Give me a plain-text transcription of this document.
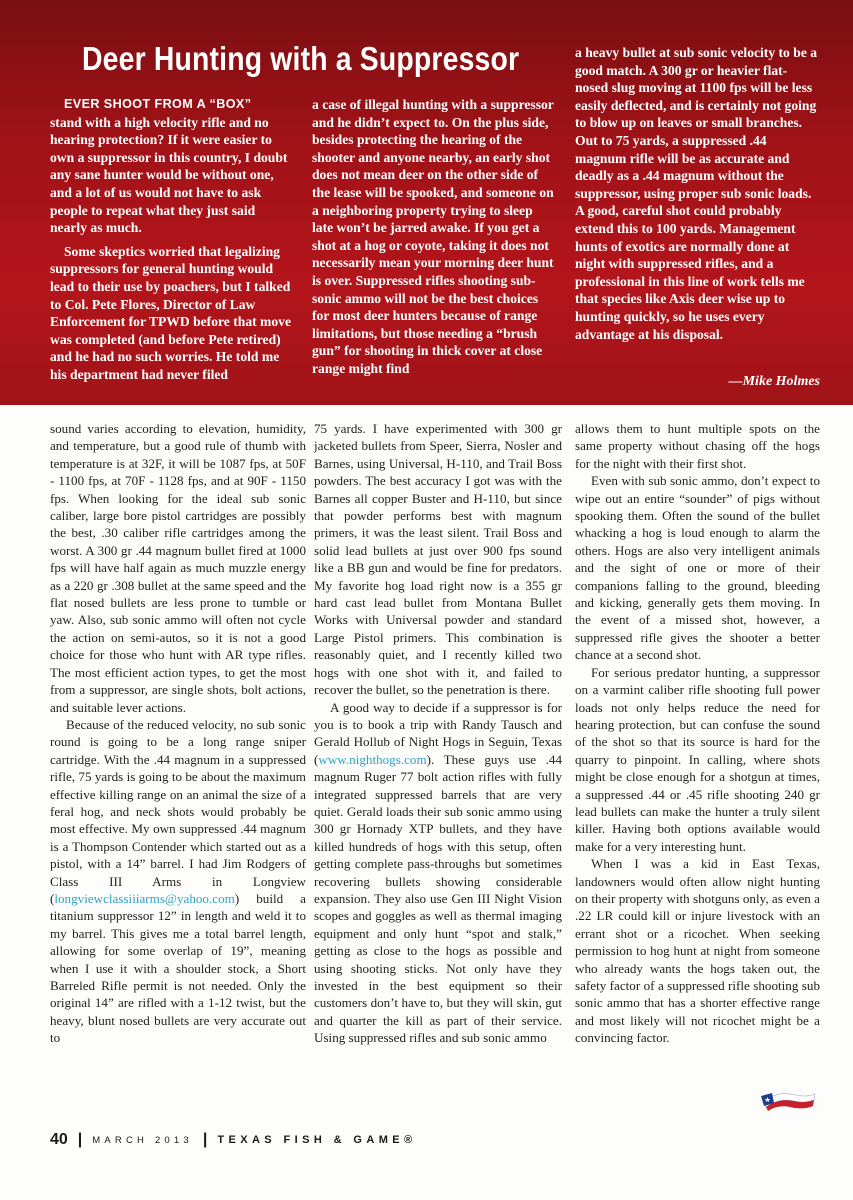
Deer Hunting with a Suppressor
EVER SHOOT FROM A “BOX”

stand with a high velocity rifle and no hearing protection? If it were easier to own a suppressor in this country, I doubt any sane hunter would be without one, and a lot of us would not have to ask people to repeat what they just said nearly as much.

Some skeptics worried that legalizing suppressors for general hunting would lead to their use by poachers, but I talked to Col. Pete Flores, Director of Law Enforcement for TPWD before that move was completed (and before Pete retired) and he had no such worries. He told me his department had never filed

a case of illegal hunting with a suppressor and he didn’t expect to. On the plus side, besides protecting the hearing of the shooter and anyone nearby, an early shot does not mean deer on the other side of the lease will be spooked, and someone on a neighboring property trying to sleep late won’t be jarred awake. If you get a shot at a hog or coyote, taking it does not necessarily mean your morning deer hunt is over. Suppressed rifles shooting sub-sonic ammo will not be the best choices for most deer hunters because of range limitations, but those needing a “brush gun” for shooting in thick cover at close range might find

a heavy bullet at sub sonic velocity to be a good match. A 300 gr or heavier flat-nosed slug moving at 1100 fps will be less easily deflected, and is certainly not going to blow up on leaves or small branches. Out to 75 yards, a suppressed .44 magnum rifle will be as accurate and deadly as a .44 magnum without the suppressor, using proper sub sonic loads. A good, careful shot could probably extend this to 100 yards. Management hunts of exotics are normally done at night with suppressed rifles, and a professional in this line of work tells me that species like Axis deer wise up to hunting quickly, so he uses every advantage at his disposal.

—Mike Holmes

sound varies according to elevation, humidity, and temperature, but a good rule of thumb with temperature is at 32F, it will be 1087 fps, at 50F - 1100 fps, at 70F - 1128 fps, and at 90F - 1150 fps. When looking for the ideal sub sonic caliber, large bore pistol cartridges are possibly the best, .30 caliber rifle cartridges among the worst. A 300 gr .44 magnum bullet fired at 1000 fps will have half again as much muzzle energy as a 220 gr .308 bullet at the same speed and the flat nosed bullets are less prone to tumble or yaw. Also, sub sonic ammo will often not cycle the action on semi-autos, so it is not a good choice for those who hunt with AR type rifles. The most efficient action types, to get the most from a suppressor, are single shots, bolt actions, and suitable lever actions.

Because of the reduced velocity, no sub sonic round is going to be a long range sniper cartridge. With the .44 magnum in a suppressed rifle, 75 yards is going to be about the maximum effective killing range on an animal the size of a feral hog, and neck shots would probably be most effective. My own suppressed .44 magnum is a Thompson Contender which started out as a pistol, with a 14” barrel. I had Jim Rodgers of Class III Arms in Longview (longviewclassiiiarms@yahoo.com) build a titanium suppressor 12” in length and weld it to my barrel. This gives me a total barrel length, allowing for some overlap of 19”, meaning when I use it with a shoulder stock, a Short Barreled Rifle permit is not needed. Only the original 14” are rifled with a 1-12 twist, but the heavy, blunt nosed bullets are very accurate out to

75 yards. I have experimented with 300 gr jacketed bullets from Speer, Sierra, Nosler and Barnes, using Universal, H-110, and Trail Boss powders. The best accuracy I got was with the Barnes all copper Buster and H-110, but since that powder performs best with magnum primers, it was the least silent. Trail Boss and solid lead bullets at just over 900 fps sound like a BB gun and would be fine for predators. My favorite hog load right now is a 355 gr hard cast lead bullet from Montana Bullet Works with Universal powder and standard Large Pistol primers. This combination is reasonably quiet, and I recently killed two hogs with one shot with it, and failed to recover the bullet, so the penetration is there.

A good way to decide if a suppressor is for you is to book a trip with Randy Tausch and Gerald Hollub of Night Hogs in Seguin, Texas (www.nighthogs.com). These guys use .44 magnum Ruger 77 bolt action rifles with fully integrated suppressed barrels that are very quiet. Gerald loads their sub sonic ammo using 300 gr Hornady XTP bullets, and they have killed hundreds of hogs with this setup, often getting complete pass-throughs but sometimes recovering bullets showing considerable expansion. They also use Gen III Night Vision scopes and goggles as well as thermal imaging equipment and only hunt “spot and stalk,” getting as close to the hogs as possible and using shooting sticks. Not only have they invested in the best equipment so their customers don’t have to, but they will skin, gut and quarter the kill as part of their service. Using suppressed rifles and sub sonic ammo

allows them to hunt multiple spots on the same property without chasing off the hogs for the night with their first shot.

Even with sub sonic ammo, don’t expect to wipe out an entire “sounder” of pigs without spooking them. Often the sound of the bullet whacking a hog is loud enough to alarm the others. Hogs are also very intelligent animals and the sight of one or more of their companions falling to the ground, bleeding and kicking, generally gets them moving. In the event of a missed shot, however, a suppressed rifle gives the shooter a better chance at a second shot.

For serious predator hunting, a suppressor on a varmint caliber rifle shooting full power loads not only helps reduce the need for hearing protection, but can confuse the sound of the shot so that its source is hard for the quarry to pinpoint. In calling, where shots might be close enough for a shotgun at times, a suppressed .44 or .45 rifle shooting 240 gr lead bullets can make the hunter a truly silent killer. Having both options available would make for a very interesting hunt.

When I was a kid in East Texas, landowners would often allow night hunting on their property with shotguns only, as even a .22 LR could kill or injure livestock with an errant shot or a ricochet. When seeking permission to hog hunt at night from someone who already wants the hogs taken out, the safety factor of a suppressed rifle shooting sub sonic ammo that has a shorter effective range and most likely will not ricochet might be a convincing factor.

40 | MARCH 2013 | TEXAS FISH & GAME®
